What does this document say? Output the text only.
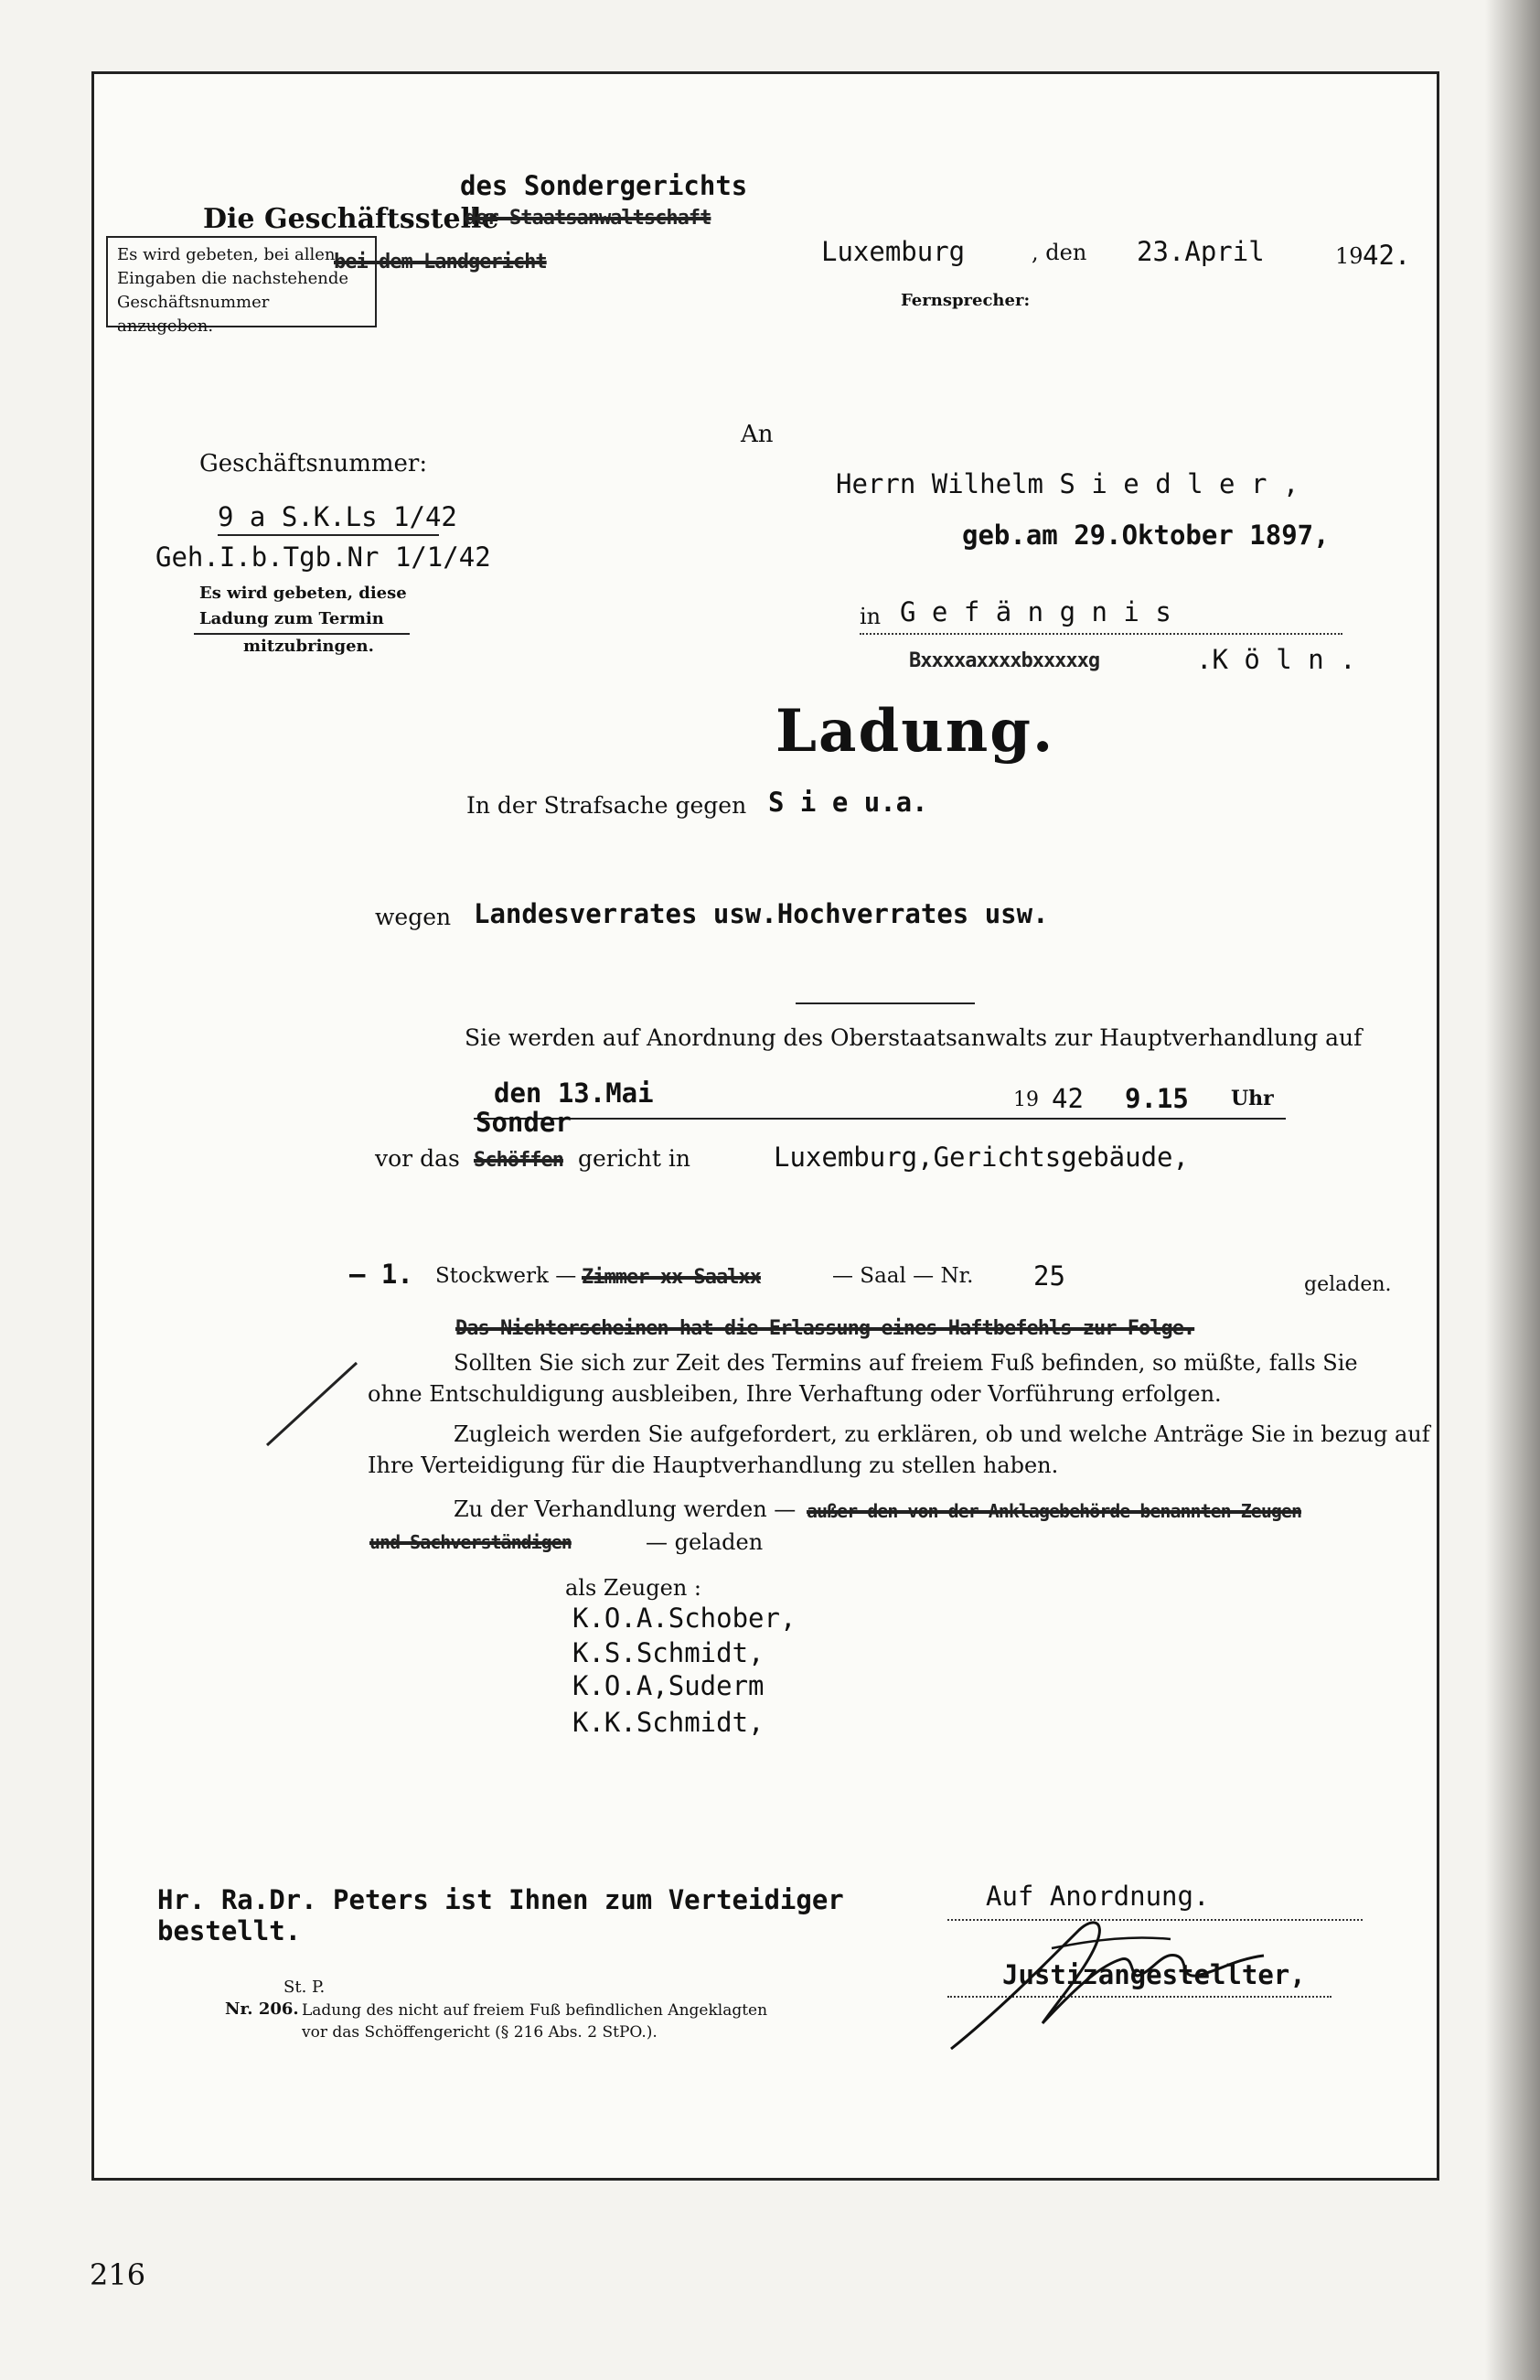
des Sondergerichts
Die Geschäftsstelle
der Staatsanwaltschaft
bei dem Landgericht	Luxemburg	, den 23.April	19 42.
Fernsprecher:
Es wird gebeten, bei allen Eingaben die nachstehende Geschäftsnummer anzugeben.
Geschäftsnummer:
9 a S.K.Ls 1/42
Geh.I.b.Tgb.Nr 1/1/42
Es wird gebeten, diese
Ladung zum Termin
mitzubringen.
An
Herrn Wilhelm S i e d l e r ,
geb.am 29.Oktober 1897,
in G e f ä n g n i s
Bxxxxaxxxxbxxxxxg	.K ö l n .
Ladung.
In der Strafsache gegen S i e u.a.
wegen Landesverrates usw.Hochverrates usw.
Sie werden auf Anordnung des Oberstaatsanwalts zur Hauptverhandlung auf
den 13.Mai	19 42 9.15 Uhr
Sonder
vor das Schöffen gericht in	Luxemburg,Gerichtsgebäude,
— 1. Stockwerk — Zimmer xx Saalxx	— Saal — Nr. 25	geladen.
Das Nichterscheinen hat die Erlassung eines Haftbefehls zur Folge.
Sollten Sie sich zur Zeit des Termins auf freiem Fuß befinden, so müßte, falls Sie
ohne Entschuldigung ausbleiben, Ihre Verhaftung oder Vorführung erfolgen.
Zugleich werden Sie aufgefordert, zu erklären, ob und welche Anträge Sie in bezug auf
Ihre Verteidigung für die Hauptverhandlung zu stellen haben.
Zu der Verhandlung werden — außer den von der Anklagebehörde benannten Zeugen
und Sachverständigen	— geladen
als Zeugen :
K.O.A.Schober,
K.S.Schmidt,
K.O.A,Suderm
K.K.Schmidt,
Hr. Ra.Dr. Peters ist Ihnen zum Verteidiger
bestellt.
Auf Anordnung.
Justizangestellter,
St. P.
Nr. 206. Ladung des nicht auf freiem Fuß befindlichen Angeklagten
vor das Schöffengericht (§ 216 Abs. 2 StPO.).
216
